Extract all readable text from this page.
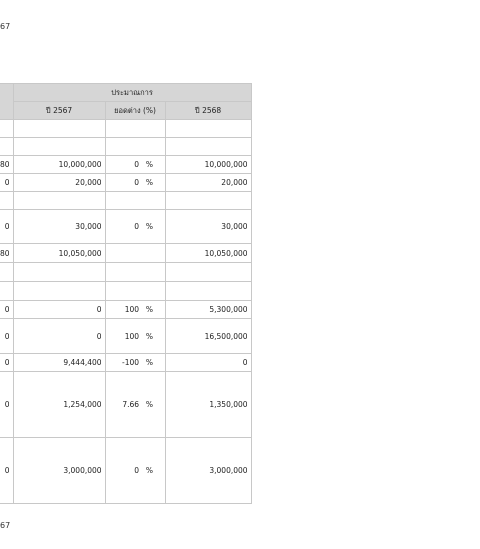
67
	ประมาณการ		
	ปี 2567	ยอดต่าง (%)	ปี 2568

80	10,000,000	0 %	10,000,000
0	20,000	0 %	20,000

0	30,000	0 %	30,000
80	10,050,000		10,050,000

0	0	100 %	5,300,000
0	0	100 %	16,500,000
0	9,444,400	-100 %	0
0	1,254,000	7.66 %	1,350,000
0	3,000,000	0 %	3,000,000
67
